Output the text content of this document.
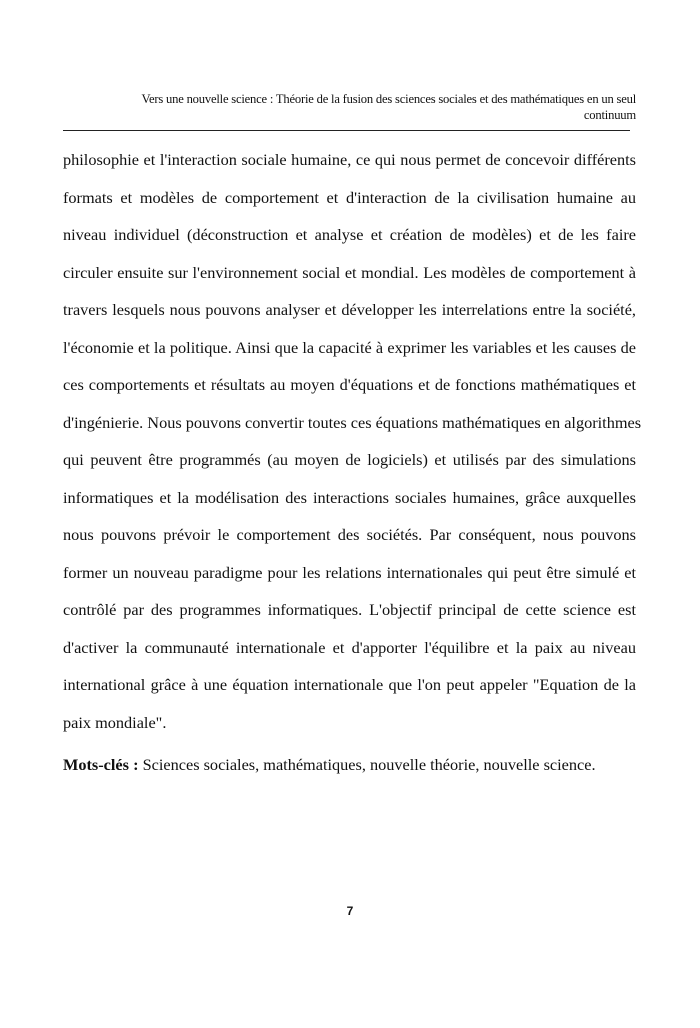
Vers une nouvelle science : Théorie de la fusion des sciences sociales et des mathématiques en un seul
continuum
philosophie et l'interaction sociale humaine, ce qui nous permet de concevoir différents
formats et modèles de comportement et d'interaction de la civilisation humaine au
niveau individuel (déconstruction et analyse et création de modèles) et de les faire
circuler ensuite sur l'environnement social et mondial. Les modèles de comportement à
travers lesquels nous pouvons analyser et développer les interrelations entre la société,
l'économie et la politique. Ainsi que la capacité à exprimer les variables et les causes de
ces comportements et résultats au moyen d'équations et de fonctions mathématiques et
d'ingénierie. Nous pouvons convertir toutes ces équations mathématiques en algorithmes
qui peuvent être programmés (au moyen de logiciels) et utilisés par des simulations
informatiques et la modélisation des interactions sociales humaines, grâce auxquelles
nous pouvons prévoir le comportement des sociétés. Par conséquent, nous pouvons
former un nouveau paradigme pour les relations internationales qui peut être simulé et
contrôlé par des programmes informatiques. L'objectif principal de cette science est
d'activer la communauté internationale et d'apporter l'équilibre et la paix au niveau
international grâce à une équation internationale que l'on peut appeler "Equation de la
paix mondiale".
Mots-clés : Sciences sociales, mathématiques, nouvelle théorie, nouvelle science.
7
